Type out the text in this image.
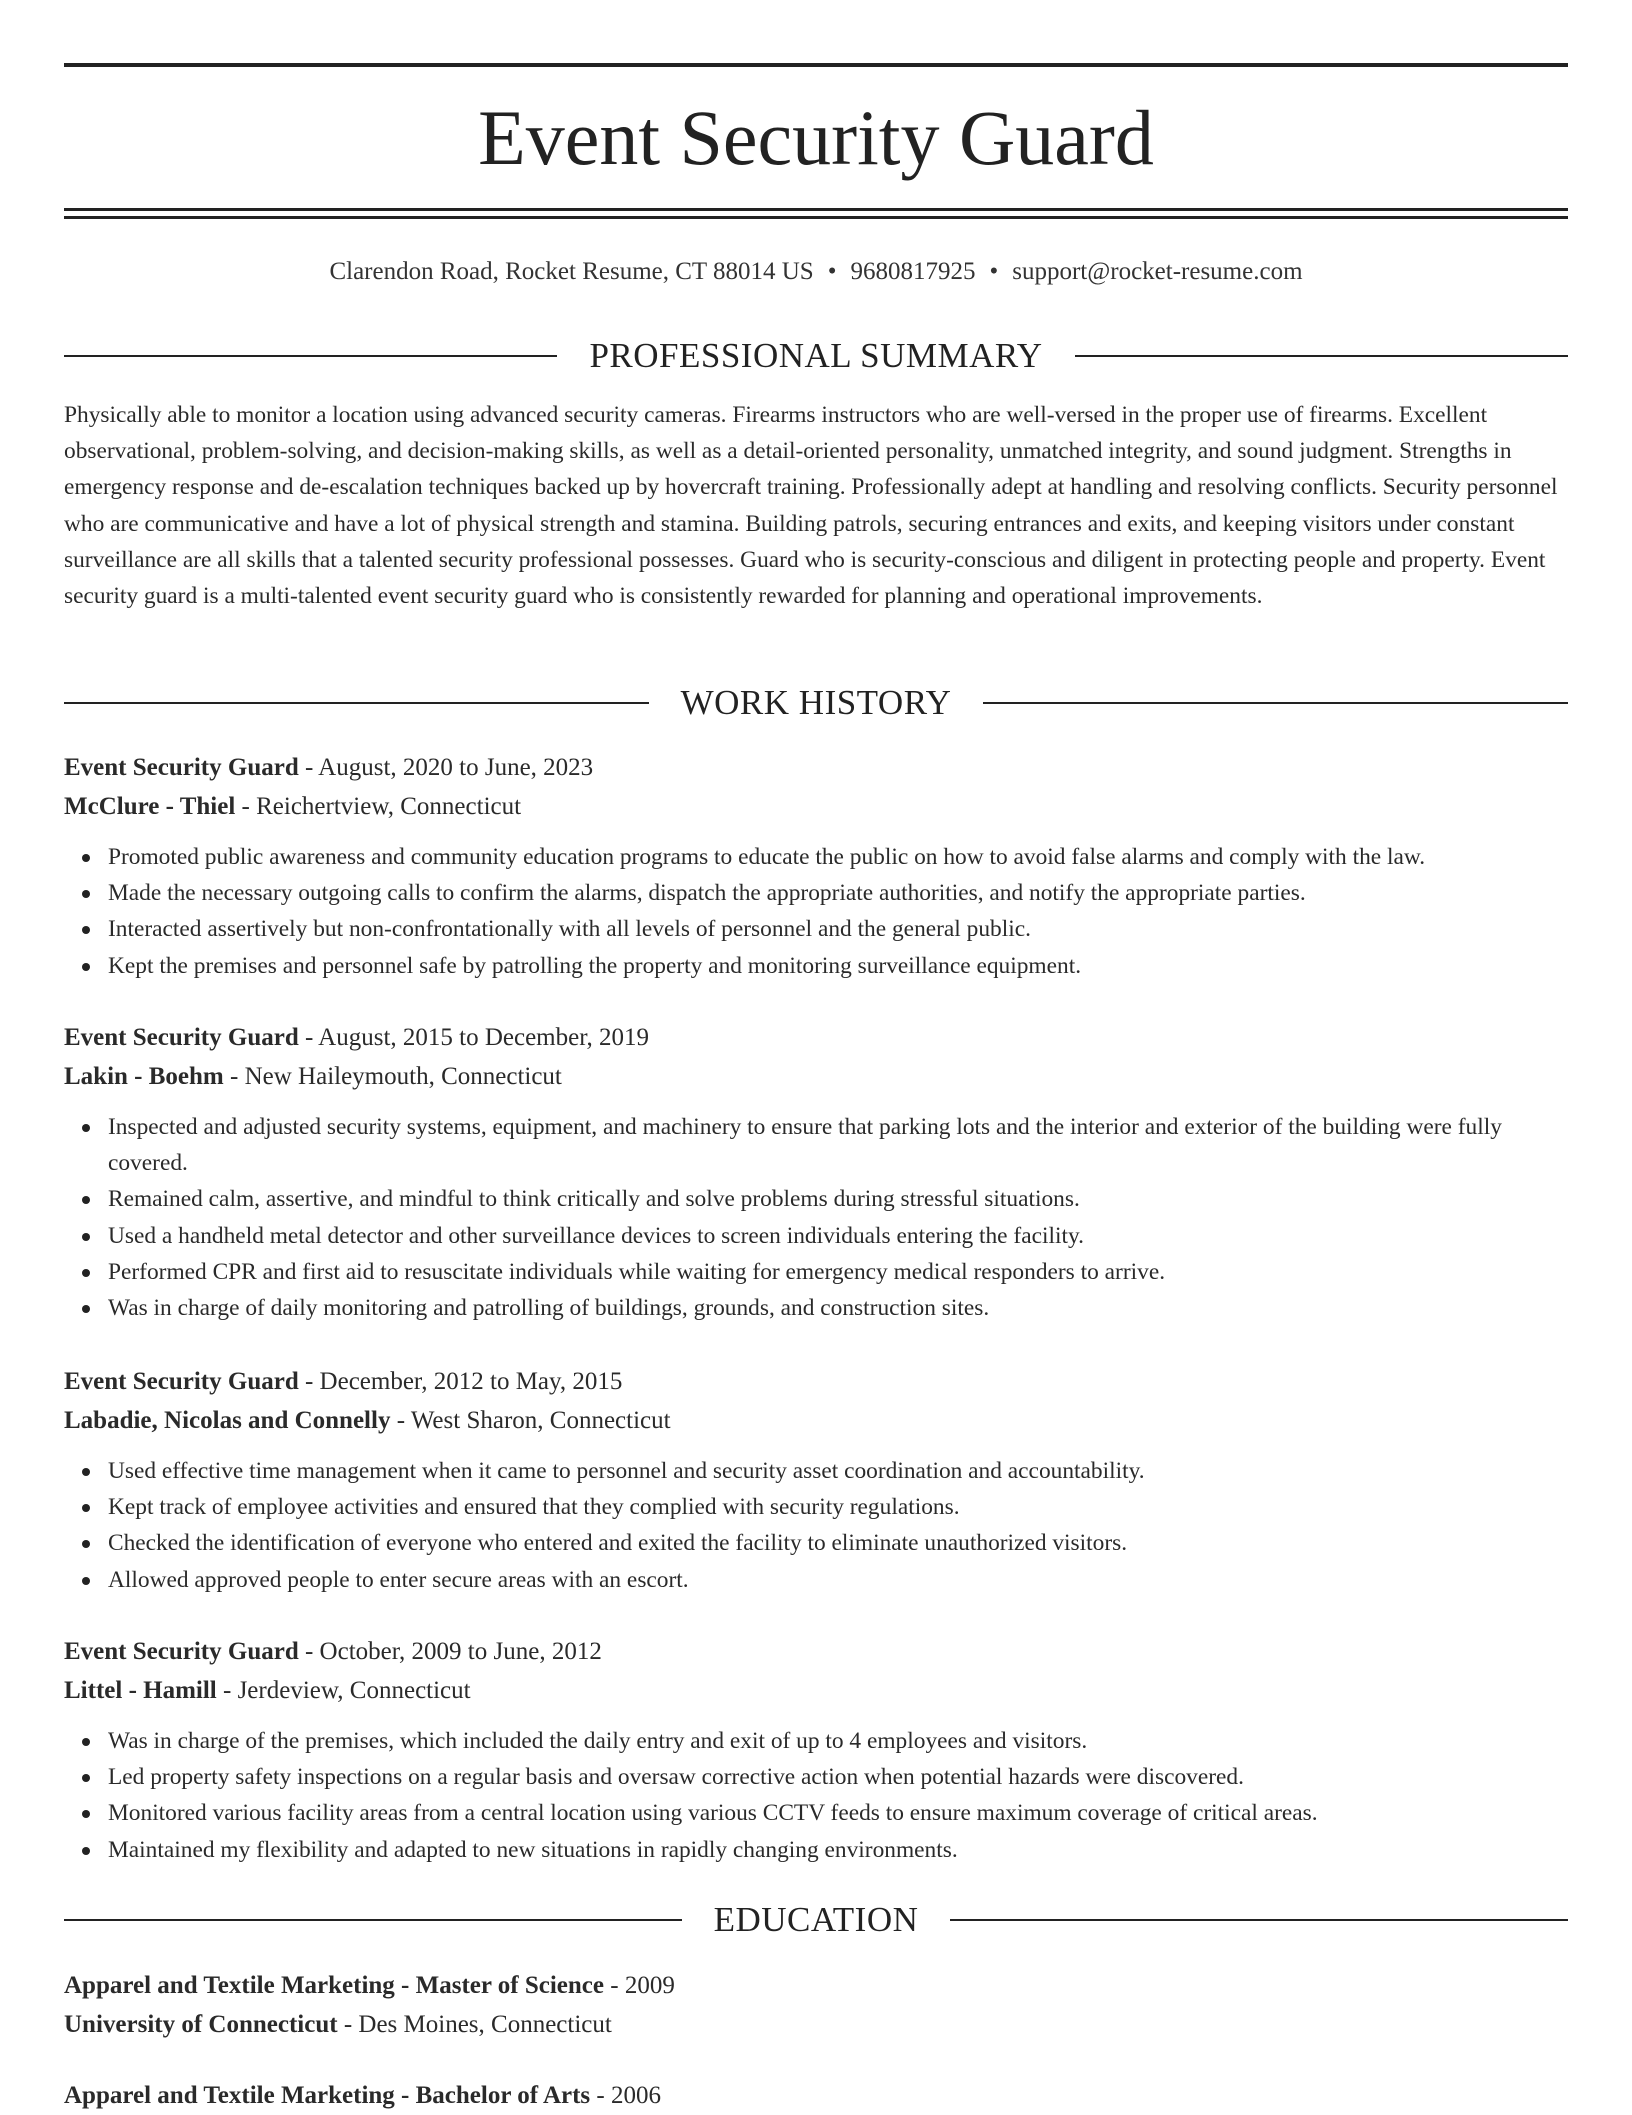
Event Security Guard
Clarendon Road, Rocket Resume, CT 88014 US • 9680817925 • support@rocket-resume.com
PROFESSIONAL SUMMARY

Physically able to monitor a location using advanced security cameras. Firearms instructors who are well-versed in the proper use of firearms. Excellent observational, problem-solving, and decision-making skills, as well as a detail-oriented personality, unmatched integrity, and sound judgment. Strengths in emergency response and de-escalation techniques backed up by hovercraft training. Professionally adept at handling and resolving conflicts. Security personnel who are communicative and have a lot of physical strength and stamina. Building patrols, securing entrances and exits, and keeping visitors under constant surveillance are all skills that a talented security professional possesses. Guard who is security-conscious and diligent in protecting people and property. Event security guard is a multi-talented event security guard who is consistently rewarded for planning and operational improvements.

WORK HISTORY
Event Security Guard - August, 2020 to June, 2023
McClure - Thiel - Reichertview, Connecticut
Promoted public awareness and community education programs to educate the public on how to avoid false alarms and comply with the law.
Made the necessary outgoing calls to confirm the alarms, dispatch the appropriate authorities, and notify the appropriate parties.
Interacted assertively but non-confrontationally with all levels of personnel and the general public.
Kept the premises and personnel safe by patrolling the property and monitoring surveillance equipment.
Event Security Guard - August, 2015 to December, 2019
Lakin - Boehm - New Haileymouth, Connecticut
Inspected and adjusted security systems, equipment, and machinery to ensure that parking lots and the interior and exterior of the building were fully covered.
Remained calm, assertive, and mindful to think critically and solve problems during stressful situations.
Used a handheld metal detector and other surveillance devices to screen individuals entering the facility.
Performed CPR and first aid to resuscitate individuals while waiting for emergency medical responders to arrive.
Was in charge of daily monitoring and patrolling of buildings, grounds, and construction sites.
Event Security Guard - December, 2012 to May, 2015
Labadie, Nicolas and Connelly - West Sharon, Connecticut
Used effective time management when it came to personnel and security asset coordination and accountability.
Kept track of employee activities and ensured that they complied with security regulations.
Checked the identification of everyone who entered and exited the facility to eliminate unauthorized visitors.
Allowed approved people to enter secure areas with an escort.
Event Security Guard - October, 2009 to June, 2012
Littel - Hamill - Jerdeview, Connecticut
Was in charge of the premises, which included the daily entry and exit of up to 4 employees and visitors.
Led property safety inspections on a regular basis and oversaw corrective action when potential hazards were discovered.
Monitored various facility areas from a central location using various CCTV feeds to ensure maximum coverage of critical areas.
Maintained my flexibility and adapted to new situations in rapidly changing environments.
EDUCATION
Apparel and Textile Marketing - Master of Science - 2009
University of Connecticut - Des Moines, Connecticut
Apparel and Textile Marketing - Bachelor of Arts - 2006
